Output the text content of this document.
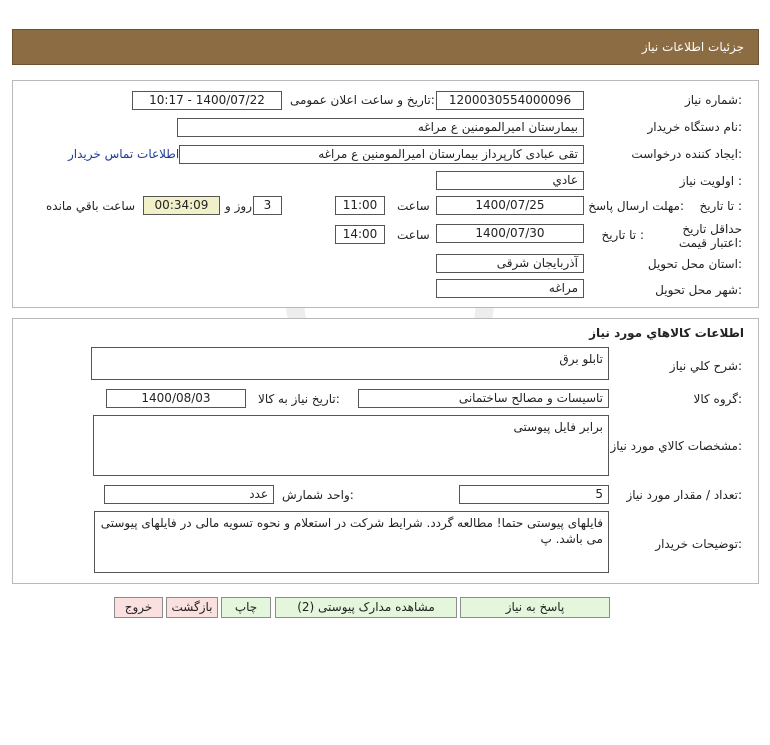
جزئیات اطلاعات نیاز
شماره نیاز:
1200030554000096
تاریخ و ساعت اعلان عمومی:
1400/07/22 - 10:17
نام دستگاه خریدار:
بیمارستان امیرالمومنین ع مراغه
ایجاد کننده درخواست:
تقی عبادی کارپرداز بیمارستان امیرالمومنین ع مراغه
اطلاعات تماس خریدار
اولویت نیاز :
عادي
مهلت ارسال پاسخ: تا تاریخ :
1400/07/25
ساعت
11:00
3
روز و
00:34:09
ساعت باقي مانده
حداقل تاریخ اعتبار قیمت:
تا تاریخ :
1400/07/30
ساعت
14:00
استان محل تحویل:
آذربایجان شرقی
شهر محل تحویل:
مراغه
اطلاعات کالاهاي مورد نیاز
شرح کلي نیاز:
تابلو برق
گروه کالا:
تاسیسات و مصالح ساختمانی
تاریخ نیاز به کالا:
1400/08/03
مشخصات کالاي مورد نیاز:
برابر فایل پیوستی
تعداد / مقدار مورد نیاز:
5
واحد شمارش:
عدد
توضیحات خریدار:
فایلهای پیوستی حتما! مطالعه گردد. شرایط شرکت در استعلام و نحوه تسویه مالی در فایلهای پیوستی می باشد. پ
پاسخ به نیاز
مشاهده مدارک پیوستی (2)
چاپ
بازگشت
خروج
